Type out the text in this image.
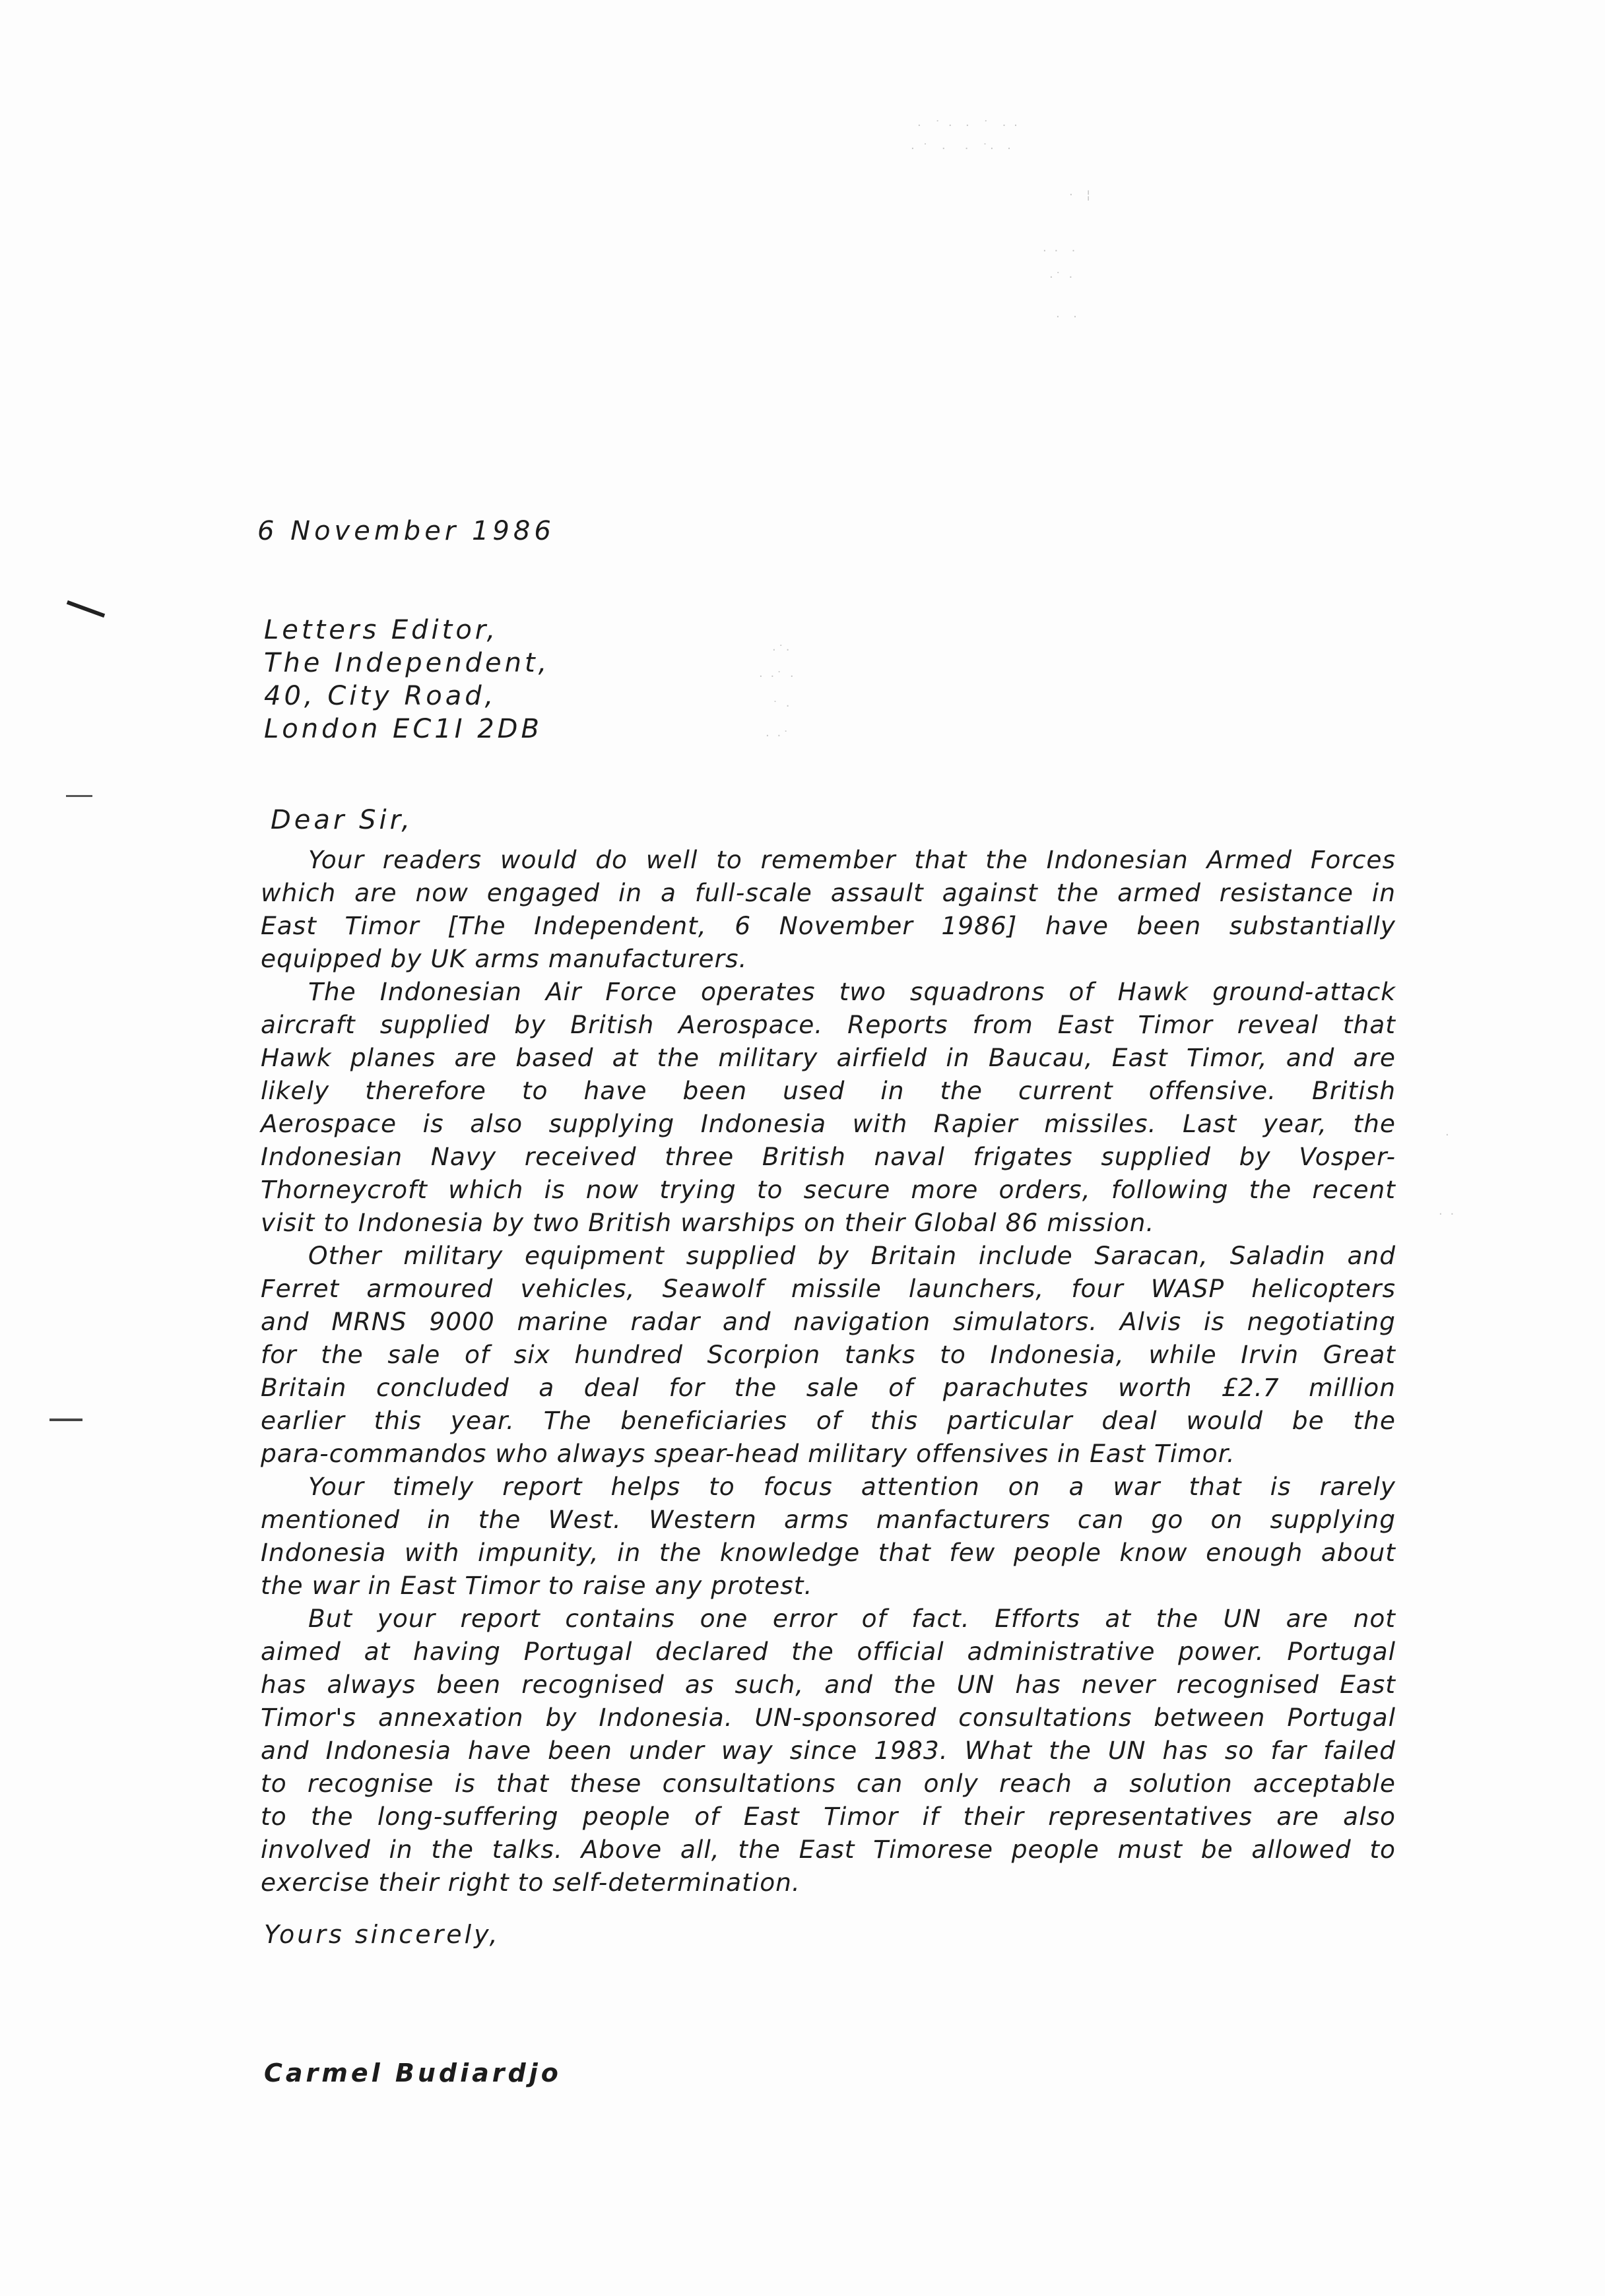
·  ˙ ·  ·  ˙  · ·
· ˙  ·   ·  ˙·  ·
·  ¦
· ·  ·
·˙ ·
·  ·
·˙·
· ·˙ ·
˙ ·
· ·˙
·
· ·
6 November 1986
Letters Editor,
The Independent,
40, City Road,
London EC1I 2DB
Dear Sir,
Your readers would do well to remember that the Indonesian Armed Forces
which are now engaged in a full-scale assault against the armed resistance in
East Timor [The Independent, 6 November 1986] have been substantially
equipped by UK arms manufacturers.
The Indonesian Air Force operates two squadrons of Hawk ground-attack
aircraft supplied by British Aerospace. Reports from East Timor reveal that
Hawk planes are based at the military airfield in Baucau, East Timor, and are
likely therefore to have been used in the current offensive. British
Aerospace is also supplying Indonesia with Rapier missiles. Last year, the
Indonesian Navy received three British naval frigates supplied by Vosper-
Thorneycroft which is now trying to secure more orders, following the recent
visit to Indonesia by two British warships on their Global 86 mission.
Other military equipment supplied by Britain include Saracan, Saladin and
Ferret armoured vehicles, Seawolf missile launchers, four WASP helicopters
and MRNS 9000 marine radar and navigation simulators. Alvis is negotiating
for the sale of six hundred Scorpion tanks to Indonesia, while Irvin Great
Britain concluded a deal for the sale of parachutes worth £2.7 million
earlier this year. The beneficiaries of this particular deal would be the
para-commandos who always spear-head military offensives in East Timor.
Your timely report helps to focus attention on a war that is rarely
mentioned in the West. Western arms manfacturers can go on supplying
Indonesia with impunity, in the knowledge that few people know enough about
the war in East Timor to raise any protest.
But your report contains one error of fact. Efforts at the UN are not
aimed at having Portugal declared the official administrative power. Portugal
has always been recognised as such, and the UN has never recognised East
Timor's annexation by Indonesia. UN-sponsored consultations between Portugal
and Indonesia have been under way since 1983. What the UN has so far failed
to recognise is that these consultations can only reach a solution acceptable
to the long-suffering people of East Timor if their representatives are also
involved in the talks. Above all, the East Timorese people must be allowed to
exercise their right to self-determination.
Yours sincerely,
Carmel Budiardjo
